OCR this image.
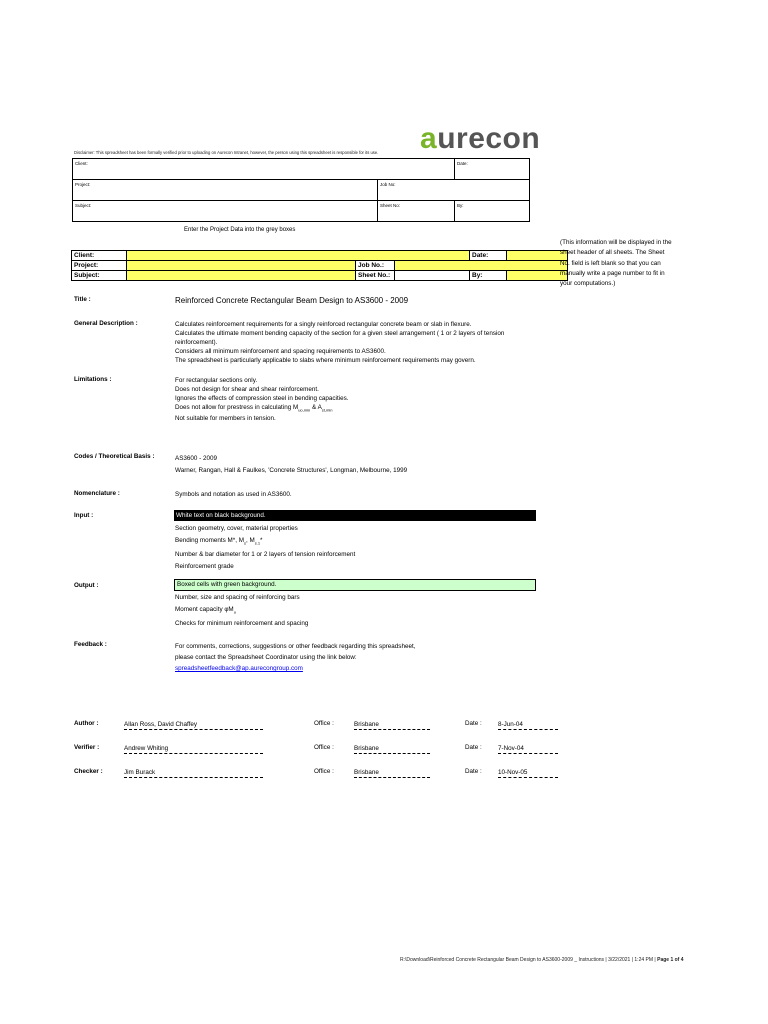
aurecon
Disclaimer: This spreadsheet has been formally verified prior to uploading on Aurecon Intranet, however, the person using this spreadsheet is responsible for its use.
Client:		Date:
Project:	Job No:	
Subject:	Sheet No:	By:
Enter the Project Data into the grey boxes
Client:				Date:	
Project:		Job No.:			
Subject:		Sheet No.:		By:	
(This information will be displayed in the sheet header of all sheets. The Sheet No. field is left blank so that you can manually write a page number to fit in your computations.)
Title :	Reinforced Concrete Rectangular Beam Design to AS3600 - 2009
General Description :	Calculates reinforcement requirements for a singly reinforced rectangular concrete beam or slab in flexure.
Calculates the ultimate moment bending capacity of the section for a given steel arrangement ( 1 or 2 layers of tension
reinforcement).
Considers all minimum reinforcement and spacing requirements to AS3600.
The spreadsheet is particularly applicable to slabs where minimum reinforcement requirements may govern.
Limitations :	For rectangular sections only.
Does not design for shear and shear reinforcement.
Ignores the effects of compression steel in bending capacities.
Does not allow for prestress in calculating $M_{uo,min}$ & $A_{st,min}$
Not suitable for members in tension.
Codes / Theoretical Basis :	AS3600 - 2009
Warner, Rangan, Hall & Faulkes, 'Concrete Structures', Longman, Melbourne, 1999
Nomenclature :	Symbols and notation as used in AS3600.
Input :	White text on black background.
Section geometry, cover, material properties
Bending moments M*, $M_s$, $M_{s.1}*$
Number & bar diameter for 1 or 2 layers of tension reinforcement
Reinforcement grade
Output :	Boxed cells with green background.
Number, size and spacing of reinforcing bars
Moment capacity $\varphi M_u$
Checks for minimum reinforcement and spacing
Feedback :	For comments, corrections, suggestions or other feedback regarding this spreadsheet,
please contact the Spreadsheet Coordinator using the link below:
spreadsheetfeedback@ap.aurecongroup.com
Author :	Allan Ross, David Chaffey	Office :	Brisbane	Date :	8-Jun-04
Verifier :	Andrew Whiting	Office :	Brisbane	Date :	7-Nov-04
Checker :	Jim Burack	Office :	Brisbane	Date :	10-Nov-05
R:\Download\Reinforced Concrete Rectangular Beam Design to AS3600-2009 _ Instructions | 3/22/2021 | 1:24 PM | Page 1 of 4
